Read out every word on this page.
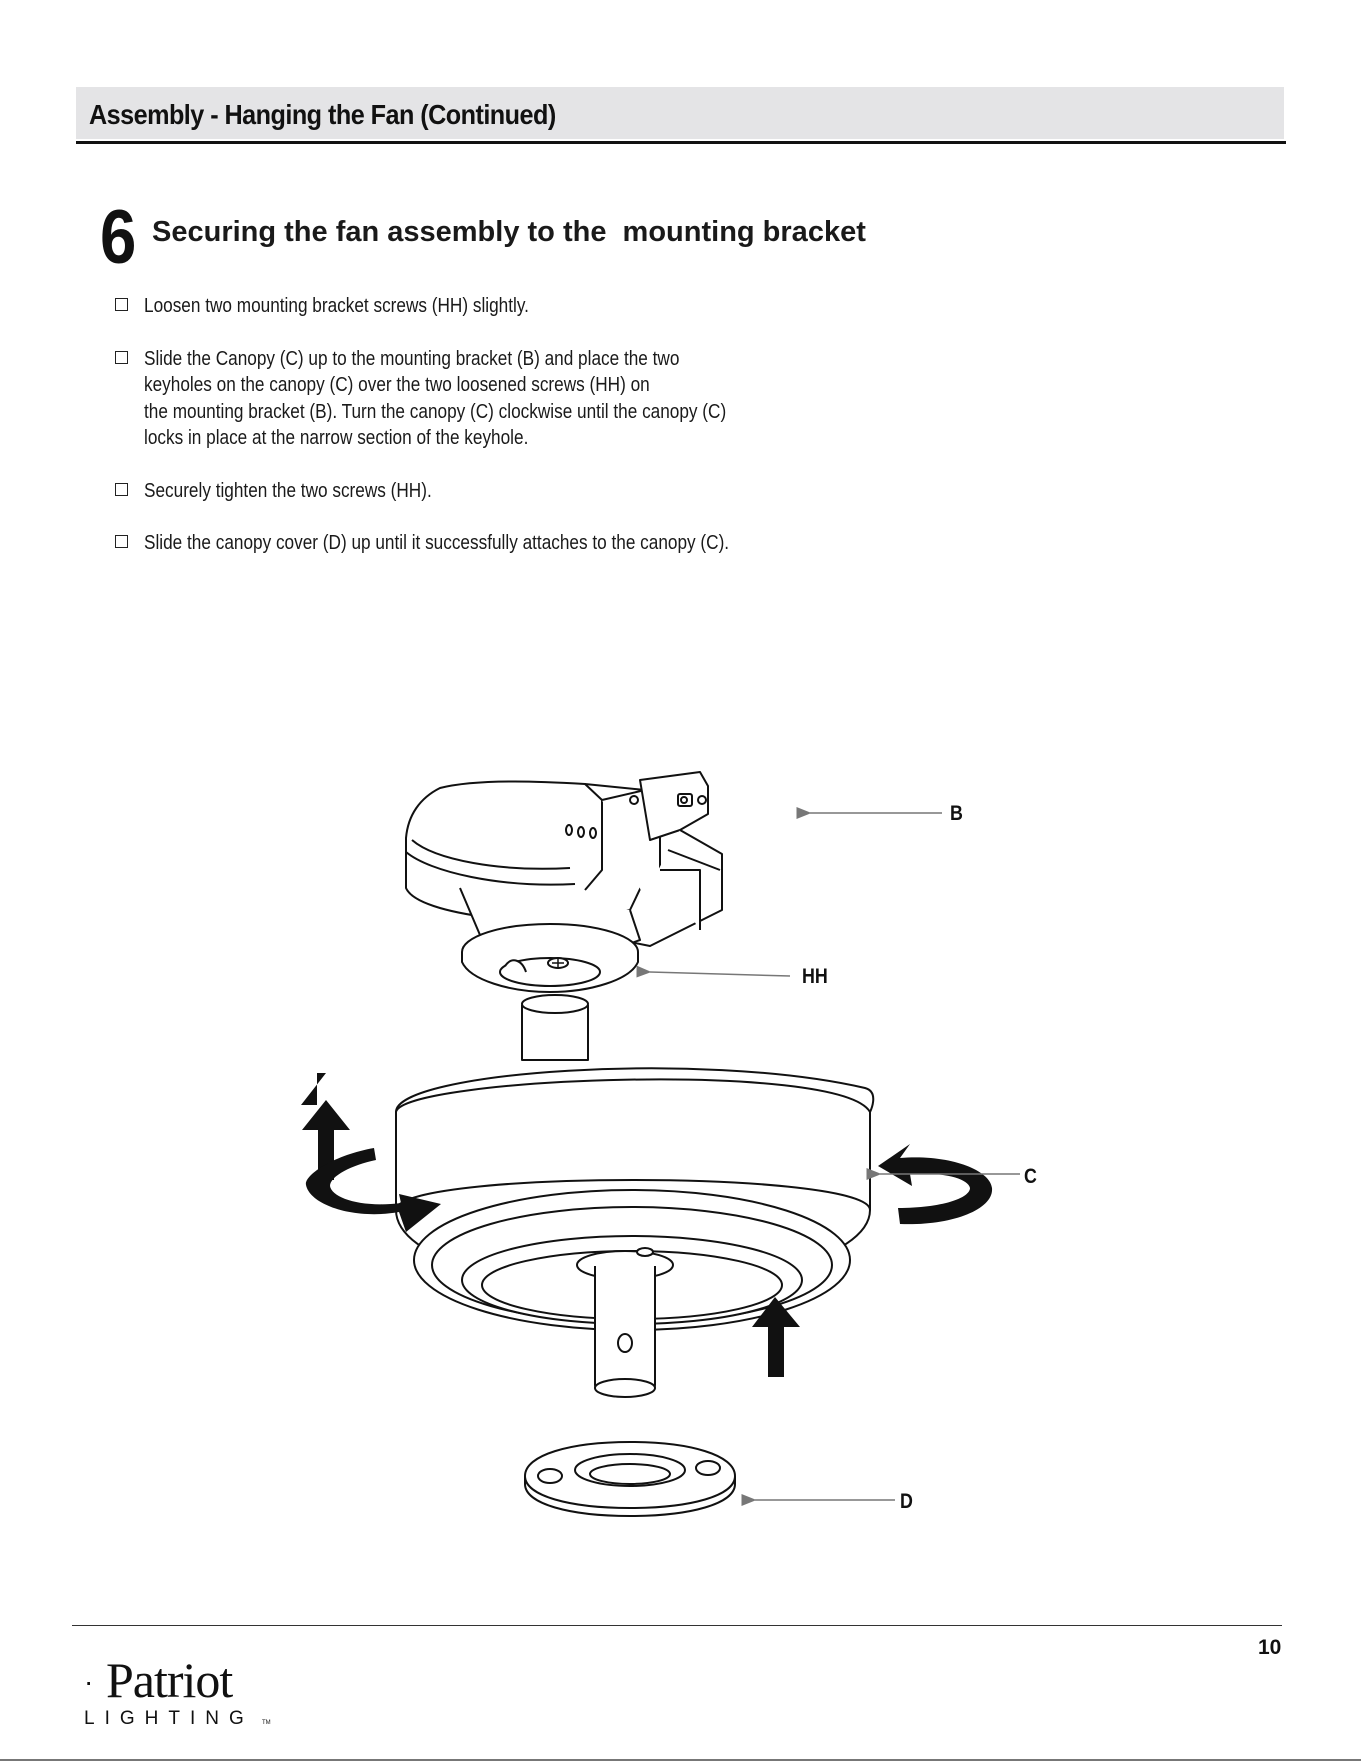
Assembly - Hanging the Fan (Continued)
6 Securing the fan assembly to the  mounting bracket
Loosen two mounting bracket screws (HH) slightly.
Slide the Canopy (C) up to the mounting bracket (B) and place the two
keyholes on the canopy (C) over the two loosened screws (HH) on
the mounting bracket (B). Turn the canopy (C) clockwise until the canopy (C)
locks in place at the narrow section of the keyhole.
Securely tighten the two screws (HH).
Slide the canopy cover (D) up until it successfully attaches to the canopy (C).
B
HH
C
D
10
· Patriot
LIGHTING TM
